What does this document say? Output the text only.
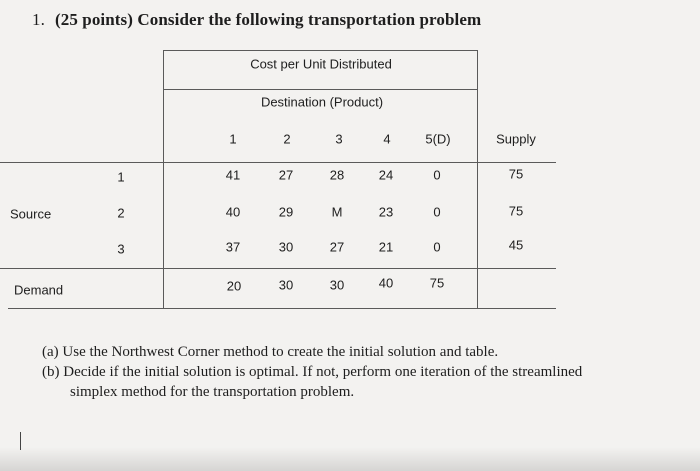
1. (25 points) Consider the following transportation problem
Cost per Unit Distributed
Destination (Product)
1	2	3	4	5(D)	Supply
Source
1	41	27	28	24	0	75
2	40	29	M	23	0	75
3	37	30	27	21	0	45
Demand	20	30	30	40	75
(a) Use the Northwest Corner method to create the initial solution and table.
(b) Decide if the initial solution is optimal. If not, perform one iteration of the streamlined
simplex method for the transportation problem.
